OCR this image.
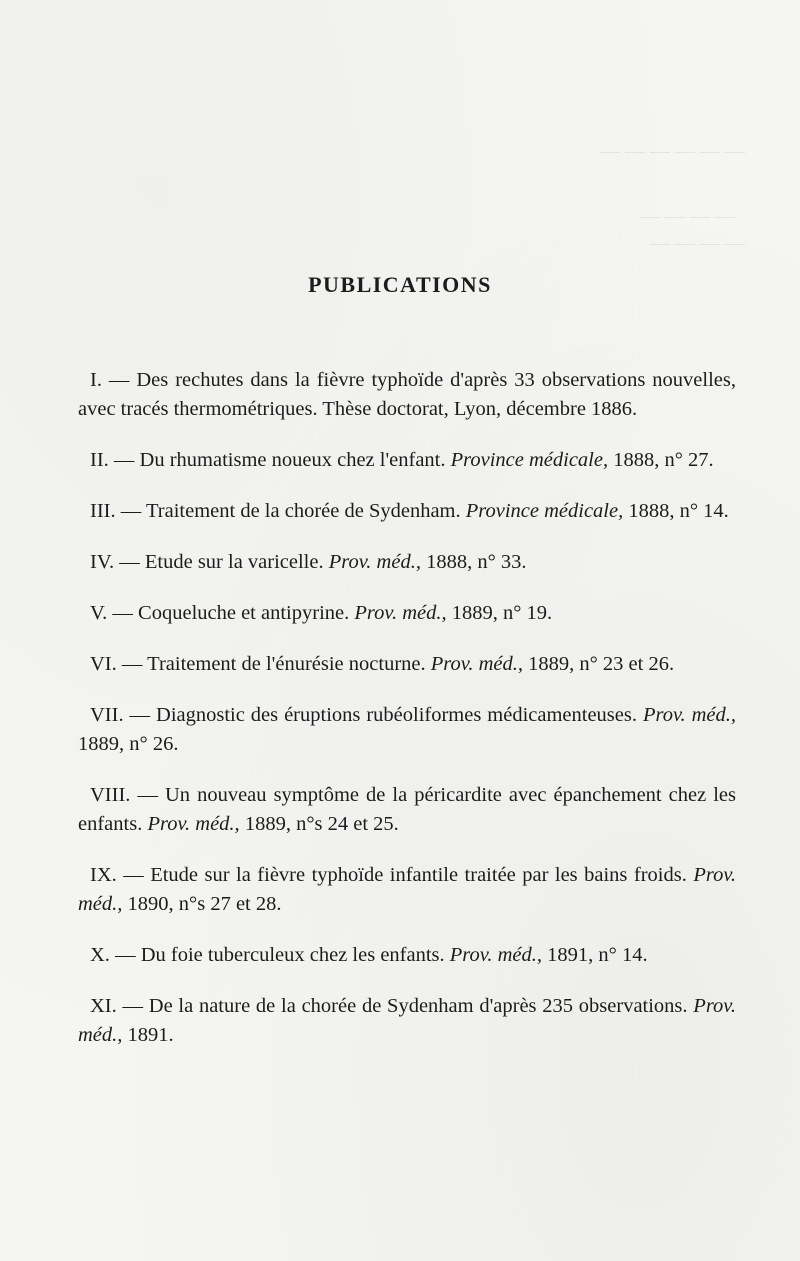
— — — — — —
— — — —
— — — —
PUBLICATIONS

I. — Des rechutes dans la fièvre typhoïde d'après 33 observations nouvelles, avec tracés thermométriques. Thèse doctorat, Lyon, décembre 1886.

II. — Du rhumatisme noueux chez l'enfant. Province médicale, 1888, n° 27.

III. — Traitement de la chorée de Sydenham. Province médicale, 1888, n° 14.

IV. — Etude sur la varicelle. Prov. méd., 1888, n° 33.

V. — Coqueluche et antipyrine. Prov. méd., 1889, n° 19.

VI. — Traitement de l'énurésie nocturne. Prov. méd., 1889, n° 23 et 26.

VII. — Diagnostic des éruptions rubéoliformes médicamenteuses. Prov. méd., 1889, n° 26.

VIII. — Un nouveau symptôme de la péricardite avec épanchement chez les enfants. Prov. méd., 1889, n°s 24 et 25.

IX. — Etude sur la fièvre typhoïde infantile traitée par les bains froids. Prov. méd., 1890, n°s 27 et 28.

X. — Du foie tuberculeux chez les enfants. Prov. méd., 1891, n° 14.

XI. — De la nature de la chorée de Sydenham d'après 235 observations. Prov. méd., 1891.
